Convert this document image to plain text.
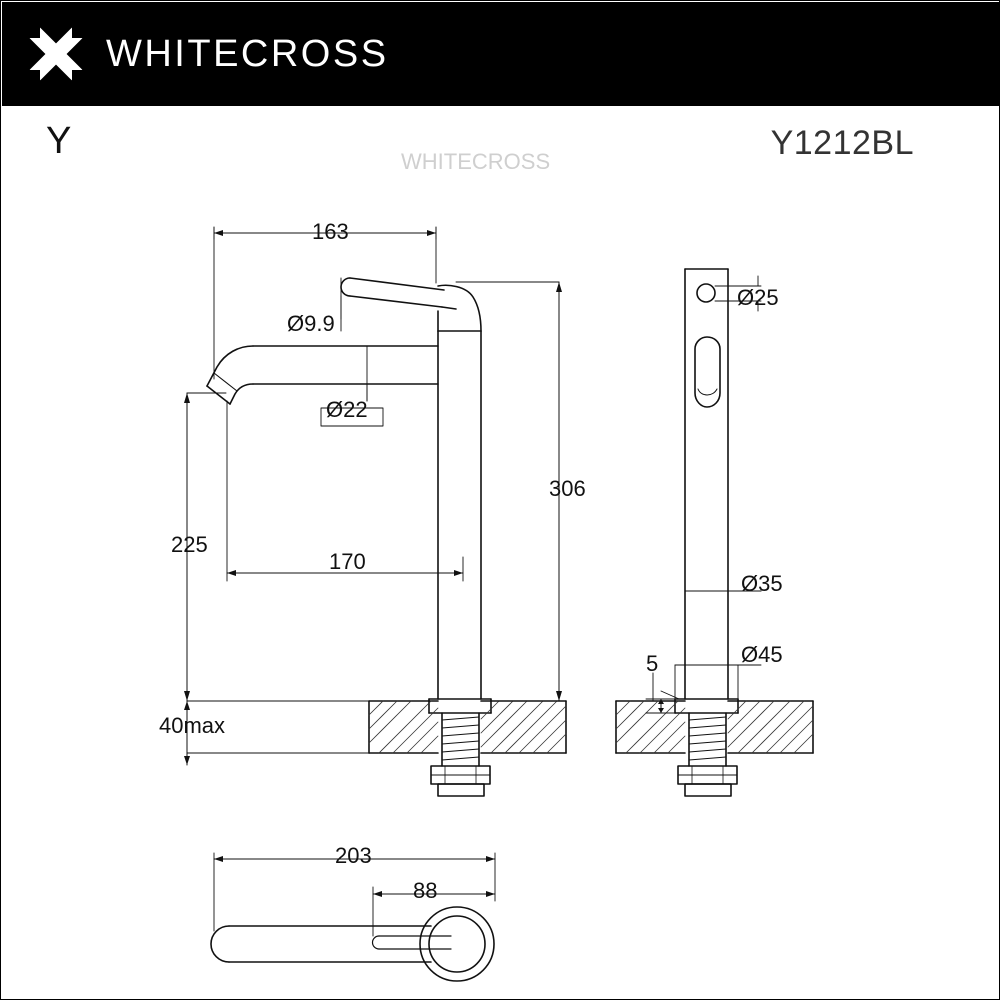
WHITECROSS
Y	Y1212BL
163
Ø9.9
Ø22
306
225
170
40max
Ø25
Ø35
Ø45
5
203
88
WHITECROSS
